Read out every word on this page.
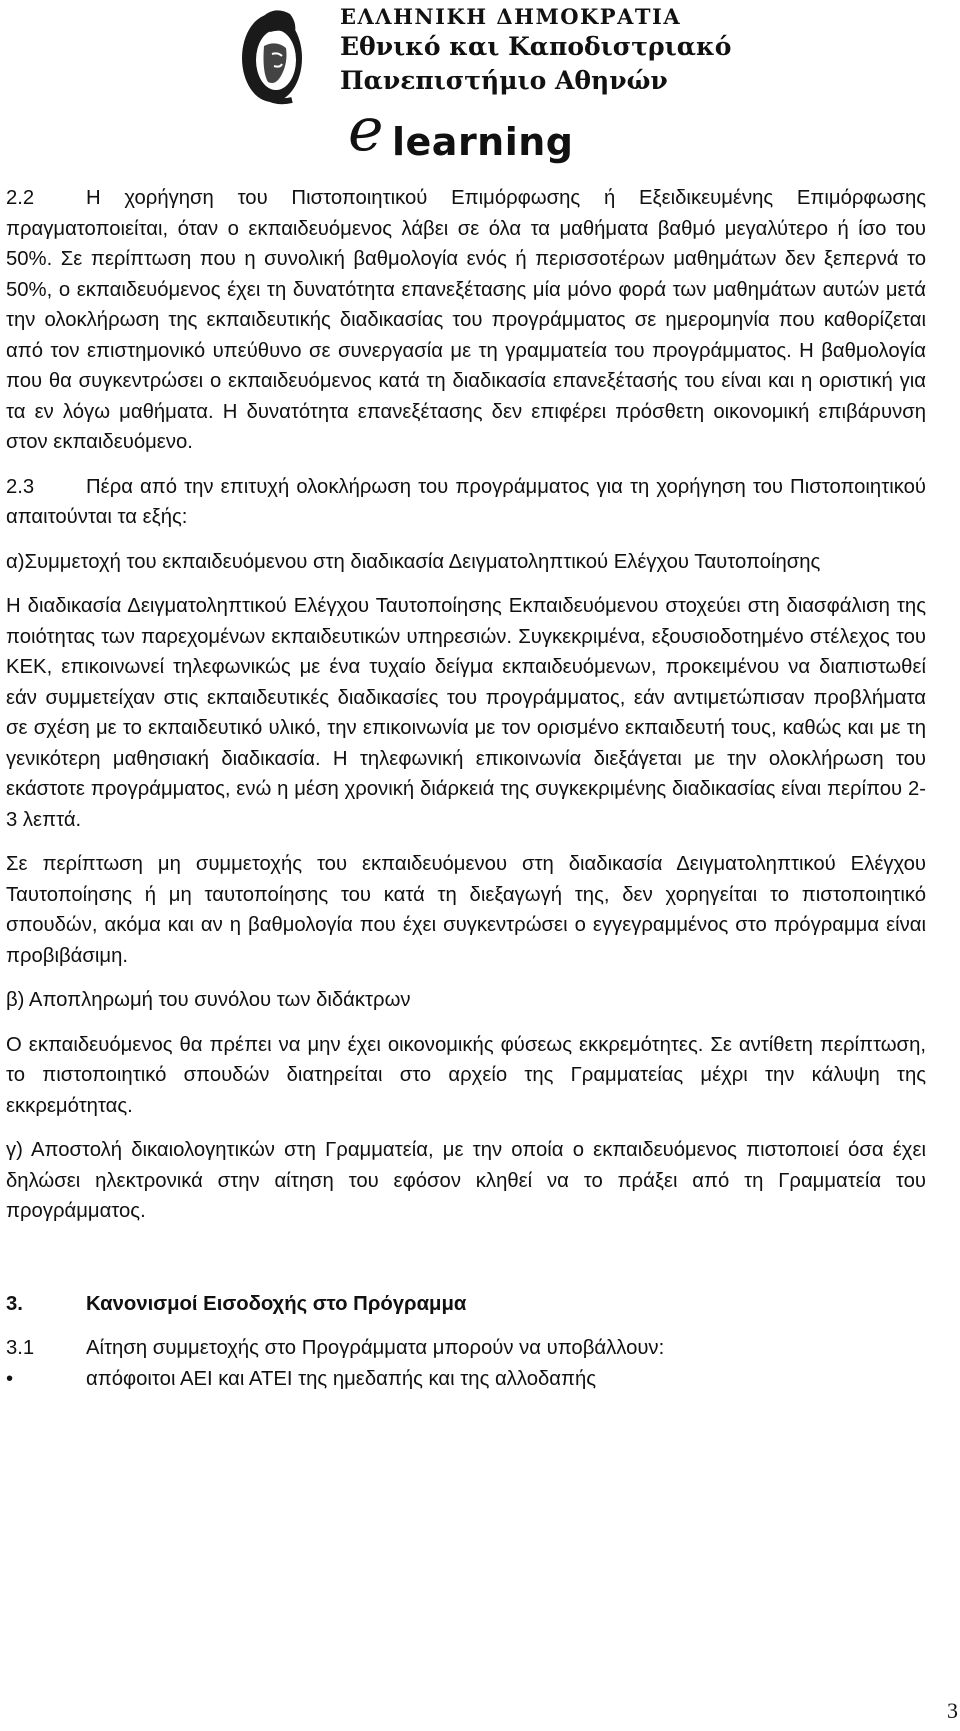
ΕΛΛΗΝΙΚΗ ΔΗΜΟΚΡΑΤΙΑ
Εθνικό και Καποδιστριακό
Πανεπιστήμιο Αθηνών
e learning

2.2	Η χορήγηση του Πιστοποιητικού Επιμόρφωσης ή Εξειδικευμένης Επιμόρφωσης πραγματοποιείται, όταν ο εκπαιδευόμενος λάβει σε όλα τα μαθήματα βαθμό μεγαλύτερο ή ίσο του 50%. Σε περίπτωση που η συνολική βαθμολογία ενός ή περισσοτέρων μαθημάτων δεν ξεπερνά το 50%, ο εκπαιδευόμενος έχει τη δυνατότητα επανεξέτασης μία μόνο φορά των μαθημάτων αυτών μετά την ολοκλήρωση της εκπαιδευτικής διαδικασίας του προγράμματος σε ημερομηνία που καθορίζεται από τον επιστημονικό υπεύθυνο σε συνεργασία με τη γραμματεία του προγράμματος. Η βαθμολογία που θα συγκεντρώσει ο εκπαιδευόμενος κατά τη διαδικασία επανεξέτασής του είναι και η οριστική για τα εν λόγω μαθήματα. Η δυνατότητα επανεξέτασης δεν επιφέρει πρόσθετη οικονομική επιβάρυνση στον εκπαιδευόμενο.

2.3	Πέρα από την επιτυχή ολοκλήρωση του προγράμματος για τη χορήγηση του Πιστοποιητικού απαιτούνται τα εξής:

α)Συμμετοχή του εκπαιδευόμενου στη διαδικασία Δειγματοληπτικού Ελέγχου Ταυτοποίησης

Η διαδικασία Δειγματοληπτικού Ελέγχου Ταυτοποίησης Εκπαιδευόμενου στοχεύει στη διασφάλιση της ποιότητας των παρεχομένων εκπαιδευτικών υπηρεσιών. Συγκεκριμένα, εξουσιοδοτημένο στέλεχος του ΚΕΚ, επικοινωνεί τηλεφωνικώς με ένα τυχαίο δείγμα εκπαιδευόμενων, προκειμένου να διαπιστωθεί εάν συμμετείχαν στις εκπαιδευτικές διαδικασίες του προγράμματος, εάν αντιμετώπισαν προβλήματα σε σχέση με το εκπαιδευτικό υλικό, την επικοινωνία με τον ορισμένο εκπαιδευτή τους, καθώς και με τη γενικότερη μαθησιακή διαδικασία. Η τηλεφωνική επικοινωνία διεξάγεται με την ολοκλήρωση του εκάστοτε προγράμματος, ενώ η μέση χρονική διάρκειά της συγκεκριμένης διαδικασίας είναι περίπου 2-3 λεπτά.

Σε περίπτωση μη συμμετοχής του εκπαιδευόμενου στη διαδικασία Δειγματοληπτικού Ελέγχου Ταυτοποίησης ή μη ταυτοποίησης του κατά τη διεξαγωγή της, δεν χορηγείται το πιστοποιητικό σπουδών, ακόμα και αν η βαθμολογία που έχει συγκεντρώσει ο εγγεγραμμένος στο πρόγραμμα είναι προβιβάσιμη.

β) Αποπληρωμή του συνόλου των διδάκτρων

Ο εκπαιδευόμενος θα πρέπει να μην έχει οικονομικής φύσεως εκκρεμότητες. Σε αντίθετη περίπτωση, το πιστοποιητικό σπουδών διατηρείται στο αρχείο της Γραμματείας μέχρι την κάλυψη της εκκρεμότητας.

γ) Αποστολή δικαιολογητικών στη Γραμματεία, με την οποία ο εκπαιδευόμενος πιστοποιεί όσα έχει δηλώσει ηλεκτρονικά στην αίτηση του εφόσον κληθεί να το πράξει από τη Γραμματεία του προγράμματος.

3.	Κανονισμοί Εισοδοχής στο Πρόγραμμα

3.1	Αίτηση συμμετοχής στο Προγράμματα μπορούν να υποβάλλουν:

•	απόφοιτοι ΑΕΙ και ΑΤΕΙ της ημεδαπής και της αλλοδαπής

3
